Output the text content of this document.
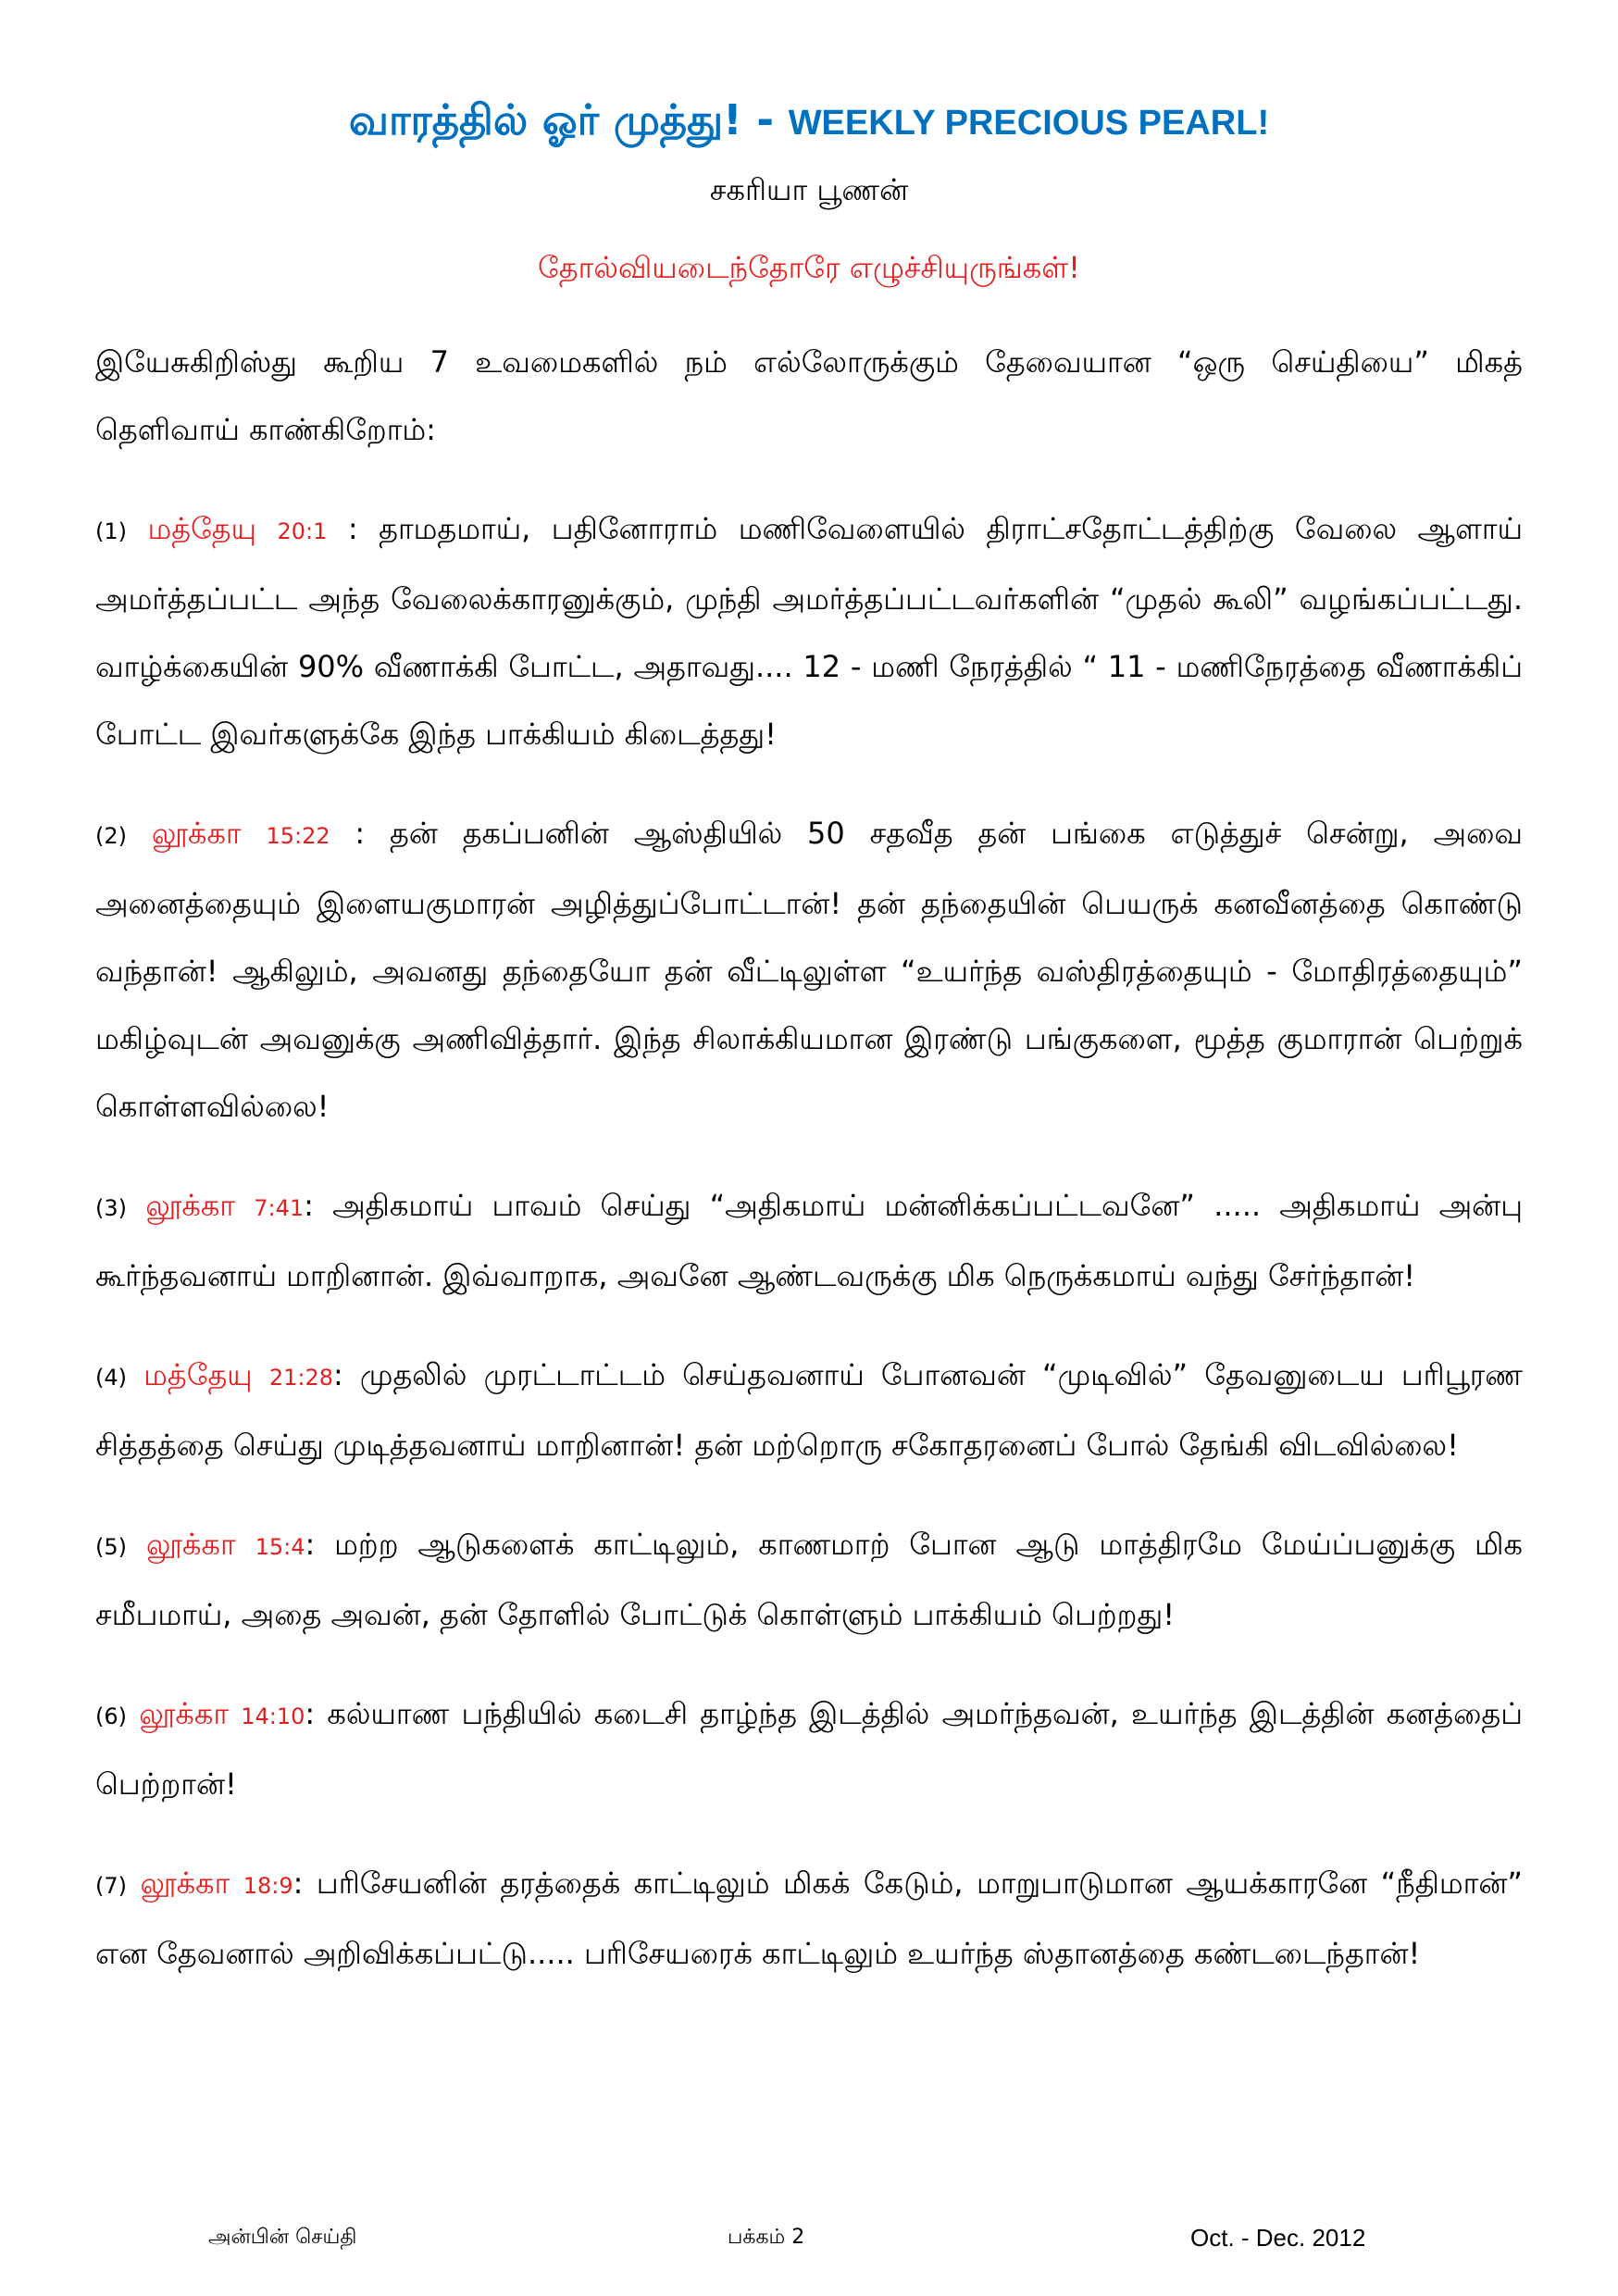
வாரத்தில் ஓர் முத்து! - WEEKLY PRECIOUS PEARL!

சகரியா பூணன்

தோல்வியடைந்தோரே எழுச்சியுருங்கள்!

இயேசுகிறிஸ்து கூறிய 7 உவமைகளில் நம் எல்லோருக்கும் தேவையான “ஒரு செய்தியை” மிகத் தெளிவாய் காண்கிறோம்:

(1) மத்தேயு 20:1 : தாமதமாய், பதினோராம் மணிவேளையில் திராட்சதோட்டத்திற்கு வேலை ஆளாய் அமர்த்தப்பட்ட அந்த வேலைக்காரனுக்கும், முந்தி அமர்த்தப்பட்டவர்களின் “முதல் கூலி” வழங்கப்பட்டது. வாழ்க்கையின் 90% வீணாக்கி போட்ட, அதாவது.... 12 - மணி நேரத்தில் “ 11 - மணிநேரத்தை வீணாக்கிப் போட்ட இவர்களுக்கே இந்த பாக்கியம் கிடைத்தது!

(2) லூக்கா 15:22 : தன் தகப்பனின் ஆஸ்தியில் 50 சதவீத தன் பங்கை எடுத்துச் சென்று, அவை அனைத்தையும் இளையகுமாரன் அழித்துப்போட்டான்! தன் தந்தையின் பெயருக் கனவீனத்தை கொண்டு வந்தான்! ஆகிலும், அவனது தந்தையோ தன் வீட்டிலுள்ள “உயர்ந்த வஸ்திரத்தையும் - மோதிரத்தையும்” மகிழ்வுடன் அவனுக்கு அணிவித்தார். இந்த சிலாக்கியமான இரண்டு பங்குகளை, மூத்த குமாரான் பெற்றுக் கொள்ளவில்லை!

(3) லூக்கா 7:41: அதிகமாய் பாவம் செய்து “அதிகமாய் மன்னிக்கப்பட்டவனே” ..... அதிகமாய் அன்பு கூர்ந்தவனாய் மாறினான். இவ்வாறாக, அவனே ஆண்டவருக்கு மிக நெருக்கமாய் வந்து சேர்ந்தான்!

(4) மத்தேயு 21:28: முதலில் முரட்டாட்டம் செய்தவனாய் போனவன் “முடிவில்” தேவனுடைய பரிபூரண சித்தத்தை செய்து முடித்தவனாய் மாறினான்! தன் மற்றொரு சகோதரனைப் போல் தேங்கி விடவில்லை!

(5) லூக்கா 15:4: மற்ற ஆடுகளைக் காட்டிலும், காணமாற் போன ஆடு மாத்திரமே மேய்ப்பனுக்கு மிக சமீபமாய், அதை அவன், தன் தோளில் போட்டுக் கொள்ளும் பாக்கியம் பெற்றது!

(6) லூக்கா 14:10: கல்யாண பந்தியில் கடைசி தாழ்ந்த இடத்தில் அமர்ந்தவன், உயர்ந்த இடத்தின் கனத்தைப் பெற்றான்!

(7) லூக்கா 18:9: பரிசேயனின் தரத்தைக் காட்டிலும் மிகக் கேடும், மாறுபாடுமான ஆயக்காரனே “நீதிமான்” என தேவனால் அறிவிக்கப்பட்டு..... பரிசேயரைக் காட்டிலும் உயர்ந்த ஸ்தானத்தை கண்டடைந்தான்!

அன்பின் செய்தி	பக்கம் 2	Oct. - Dec. 2012
